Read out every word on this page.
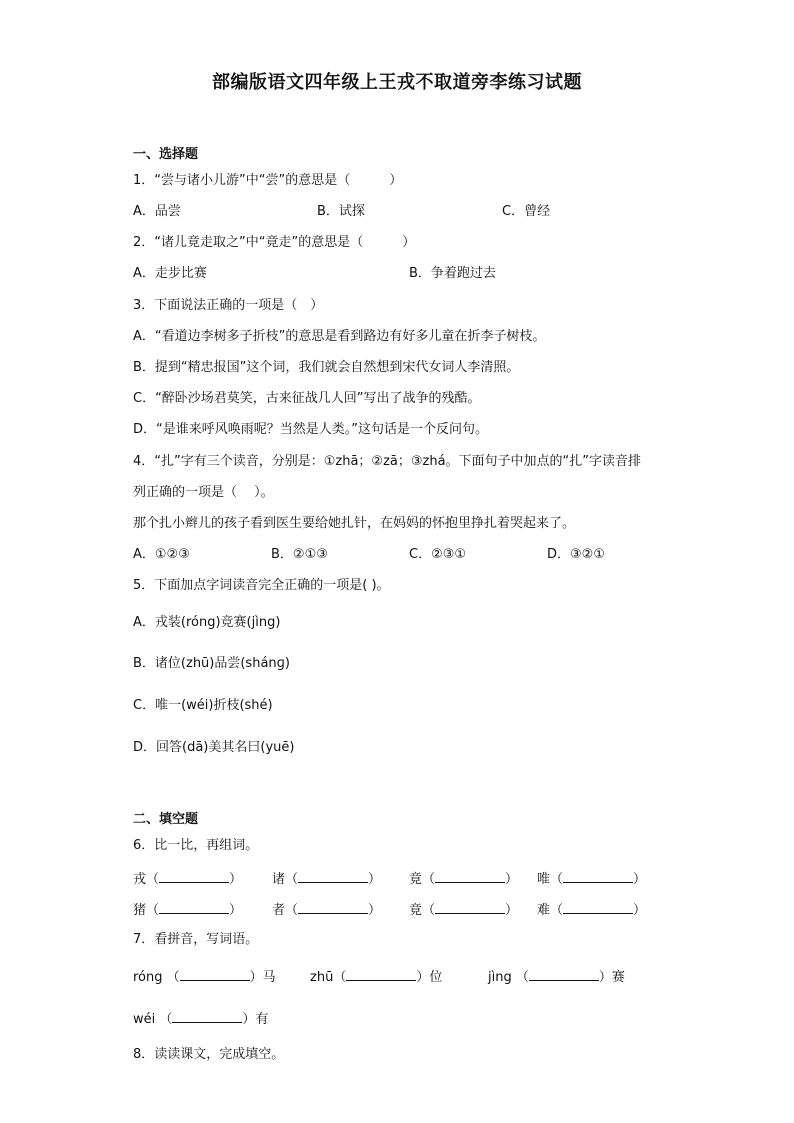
部编版语文四年级上王戎不取道旁李练习试题
一、选择题
1．“尝与诸小儿游”中“尝”的意思是（　　　）
A．品尝	B．试探	C．曾经
2．“诸儿竟走取之”中“竟走”的意思是（　　　）
A．走步比赛	B．争着跑过去
3．下面说法正确的一项是（　）
A．“看道边李树多子折枝”的意思是看到路边有好多儿童在折李子树枝。
B．提到“精忠报国”这个词，我们就会自然想到宋代女词人李清照。
C．“醉卧沙场君莫笑，古来征战几人回”写出了战争的残酷。
D．“是谁来呼风唤雨呢？当然是人类。”这句话是一个反问句。
4．“扎”字有三个读音，分别是：①zhā；②zā；③zhá。下面句子中加点的“扎”字读音排
列正确的一项是（　 ）。
那个扎小辫儿的孩子看到医生要给她扎针，在妈妈的怀抱里挣扎着哭起来了。
A．①②③	B．②①③	C．②③①	D．③②①
5．下面加点字词读音完全正确的一项是( )。
A．戎装(róng)竞赛(jìng)
B．诸位(zhū)品尝(shánɡ)
C．唯一(wéi)折枝(shé)
D．回答(dā)美其名曰(yuē)
二、填空题
6．比一比，再组词。
戎（	） 诸（	） 竟（	） 唯（	）
猪（	） 者（	） 竟（	） 难（	）
7．看拼音，写词语。
róng （	）马	zhū（	）位	jìng （	）赛
wéi （	）有
8．读读课文，完成填空。
